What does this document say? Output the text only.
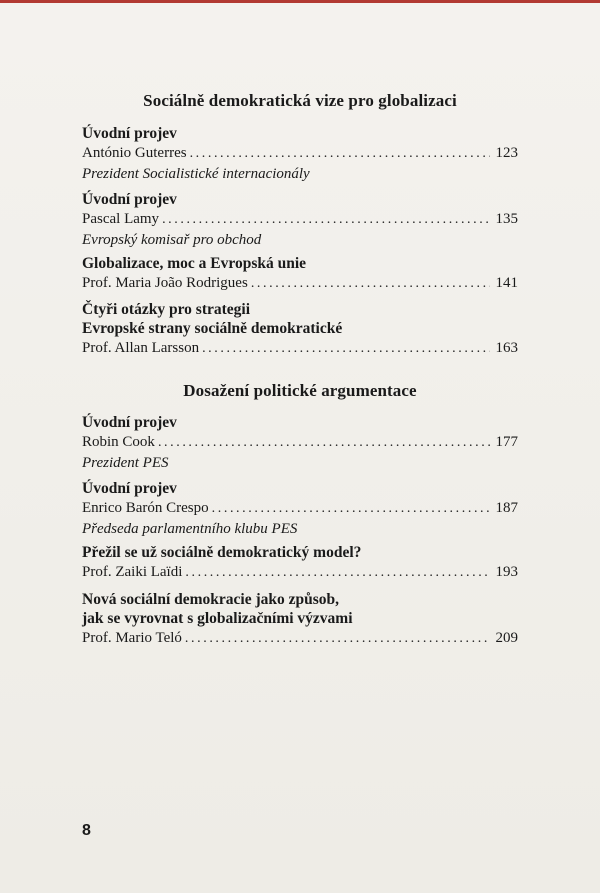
Sociálně demokratická vize pro globalizaci
Úvodní projev
António Guterres .....	123
Prezident Socialistické internacionály
Úvodní projev
Pascal Lamy .....	135
Evropský komisař pro obchod
Globalizace, moc a Evropská unie
Prof. Maria João Rodrigues .....	141
Čtyři otázky pro strategii
Evropské strany sociálně demokratické
Prof. Allan Larsson .....	163
Dosažení politické argumentace
Úvodní projev
Robin Cook .....	177
Prezident PES
Úvodní projev
Enrico Barón Crespo .....	187
Předseda parlamentního klubu PES
Přežil se už sociálně demokratický model?
Prof. Zaiki Laïdi .....	193
Nová sociální demokracie jako způsob,
jak se vyrovnat s globalizačními výzvami
Prof. Mario Teló .....	209
8
